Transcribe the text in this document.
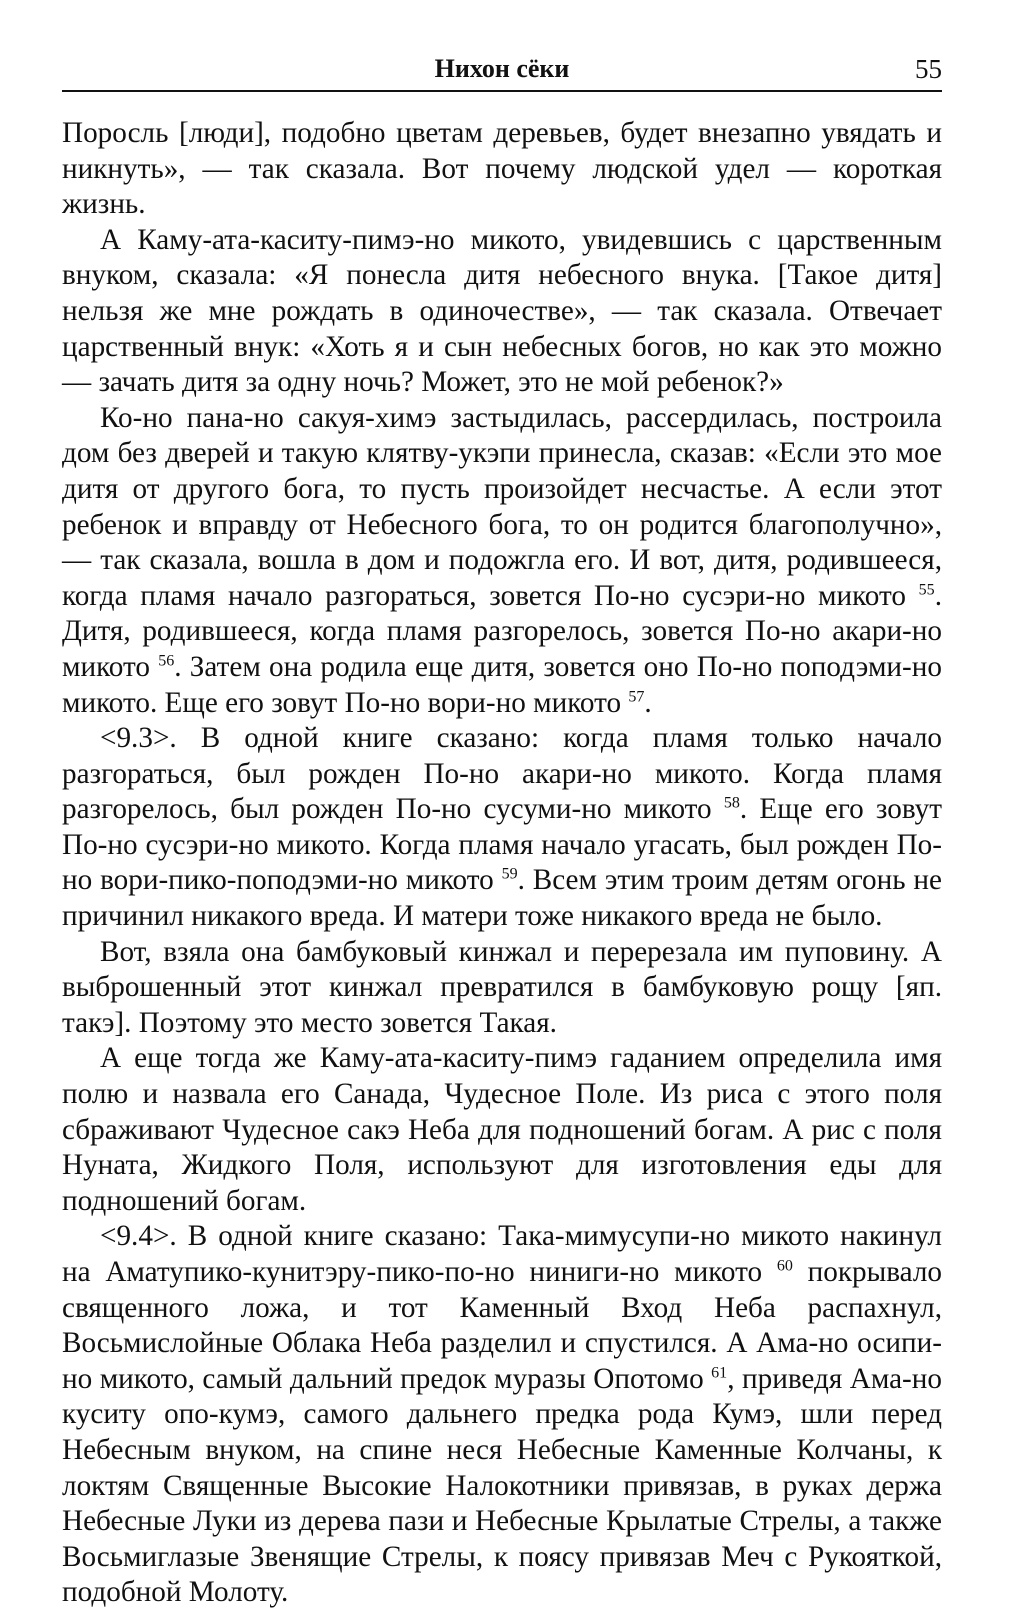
Нихон сёки	55

Поросль [люди], подобно цветам деревьев, будет внезапно увядать и никнуть», — так сказала. Вот почему людской удел — короткая жизнь.

А Каму-ата-каситу-пимэ-но микото, увидевшись с царственным внуком, сказала: «Я понесла дитя небесного внука. [Такое дитя] нельзя же мне рождать в одиночестве», — так сказала. Отвечает царственный внук: «Хоть я и сын небесных богов, но как это можно — зачать дитя за одну ночь? Может, это не мой ребенок?»

Ко-но пана-но сакуя-химэ застыдилась, рассердилась, построила дом без дверей и такую клятву-укэпи принесла, сказав: «Если это мое дитя от другого бога, то пусть произойдет несчастье. А если этот ребенок и вправду от Небесного бога, то он родится благополучно», — так сказала, вошла в дом и подожгла его. И вот, дитя, родившееся, когда пламя начало разгораться, зовется По-но сусэри-но микото $^{55}$. Дитя, родившееся, когда пламя разгорелось, зовется По-но акари-но микото $^{56}$. Затем она родила еще дитя, зовется оно По-но поподэми-но микото. Еще его зовут По-но вори-но микото $^{57}$.

<9.3>. В одной книге сказано: когда пламя только начало разгораться, был рожден По-но акари-но микото. Когда пламя разгорелось, был рожден По-но сусуми-но микото $^{58}$. Еще его зовут По-но сусэри-но микото. Когда пламя начало угасать, был рожден По-но вори-пико-поподэми-но микото $^{59}$. Всем этим троим детям огонь не причинил никакого вреда. И матери тоже никакого вреда не было.

Вот, взяла она бамбуковый кинжал и перерезала им пуповину. А выброшенный этот кинжал превратился в бамбуковую рощу [яп. такэ]. Поэтому это место зовется Такая.

А еще тогда же Каму-ата-каситу-пимэ гаданием определила имя полю и назвала его Санада, Чудесное Поле. Из риса с этого поля сбраживают Чудесное сакэ Неба для подношений богам. А рис с поля Нуната, Жидкого Поля, используют для изготовления еды для подношений богам.

<9.4>. В одной книге сказано: Така-мимусупи-но микото накинул на Аматупико-кунитэру-пико-по-но ниниги-но микото $^{60}$ покрывало священного ложа, и тот Каменный Вход Неба распахнул, Восьмислойные Облака Неба разделил и спустился. А Ама-но осипи-но микото, самый дальний предок муразы Опотомо $^{61}$, приведя Ама-но куситу опо-кумэ, самого дальнего предка рода Кумэ, шли перед Небесным внуком, на спине неся Небесные Каменные Колчаны, к локтям Священные Высокие Налокотники привязав, в руках держа Небесные Луки из дерева пази и Небесные Крылатые Стрелы, а также Восьмиглазые Звенящие Стрелы, к поясу привязав Меч с Рукояткой, подобной Молоту.
